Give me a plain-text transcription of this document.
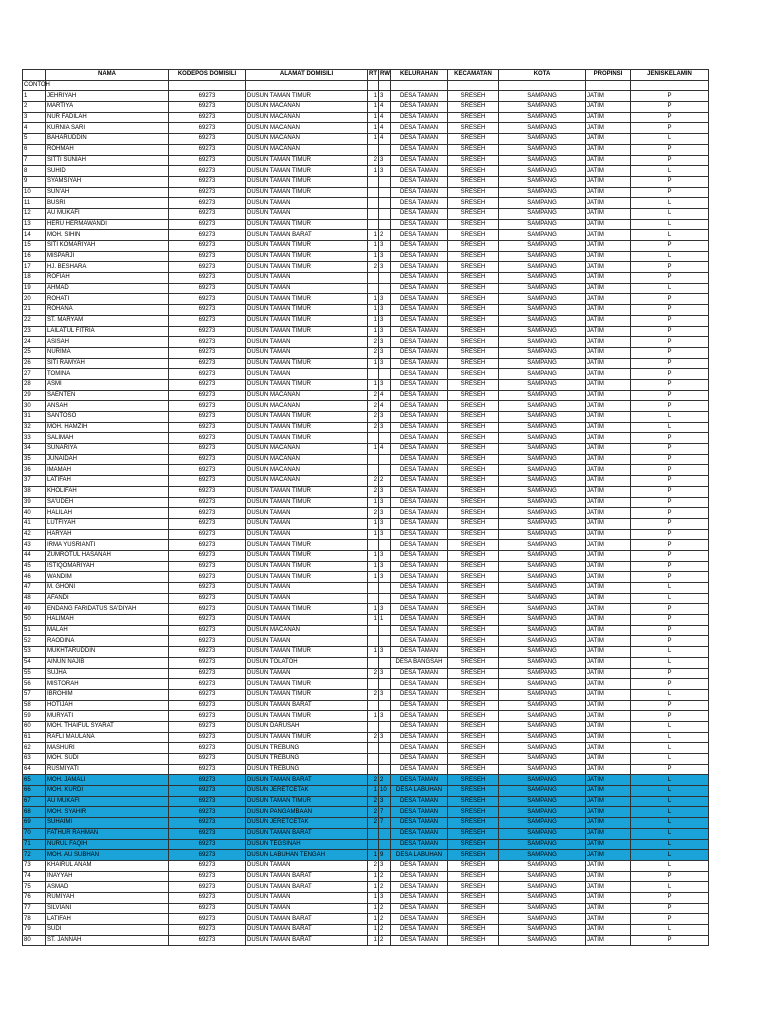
	NAMA	KODEPOS DOMISILI	ALAMAT DOMISILI	RT	RW	KELURAHAN	KECAMATAN	KOTA	PROPINSI	JENISKELAMIN
CONTOH										
1	JEHRIYAH	69273	DUSUN TAMAN TIMUR	1	3	DESA TAMAN	SRESEH	SAMPANG	JATIM	P
2	MARTIYA	69273	DUSUN MACANAN	1	4	DESA TAMAN	SRESEH	SAMPANG	JATIM	P
3	NUR FADILAH	69273	DUSUN MACANAN	1	4	DESA TAMAN	SRESEH	SAMPANG	JATIM	P
4	KURNIA SARI	69273	DUSUN MACANAN	1	4	DESA TAMAN	SRESEH	SAMPANG	JATIM	P
5	BAHARUDDIN	69273	DUSUN MACANAN	1	4	DESA TAMAN	SRESEH	SAMPANG	JATIM	L
6	ROHMAH	69273	DUSUN MACANAN			DESA TAMAN	SRESEH	SAMPANG	JATIM	P
7	SITTI SUNIAH	69273	DUSUN TAMAN TIMUR	2	3	DESA TAMAN	SRESEH	SAMPANG	JATIM	P
8	SUHID	69273	DUSUN TAMAN TIMUR	1	3	DESA TAMAN	SRESEH	SAMPANG	JATIM	L
9	SYAMSIYAH	69273	DUSUN TAMAN TIMUR			DESA TAMAN	SRESEH	SAMPANG	JATIM	P
10	SUN'AH	69273	DUSUN TAMAN TIMUR			DESA TAMAN	SRESEH	SAMPANG	JATIM	P
11	BUSRI	69273	DUSUN TAMAN			DESA TAMAN	SRESEH	SAMPANG	JATIM	L
12	AU MUKAFI	69273	DUSUN TAMAN			DESA TAMAN	SRESEH	SAMPANG	JATIM	L
13	HERU HERMAWANDI	69273	DUSUN TAMAN TIMUR			DESA TAMAN	SRESEH	SAMPANG	JATIM	L
14	MOH. SIHIN	69273	DUSUN TAMAN BARAT	1	2	DESA TAMAN	SRESEH	SAMPANG	JATIM	L
15	SITI KOMARIYAH	69273	DUSUN TAMAN TIMUR	1	3	DESA TAMAN	SRESEH	SAMPANG	JATIM	P
16	MISPARJI	69273	DUSUN TAMAN TIMUR	1	3	DESA TAMAN	SRESEH	SAMPANG	JATIM	L
17	HJ. BESHARA	69273	DUSUN TAMAN TIMUR	2	3	DESA TAMAN	SRESEH	SAMPANG	JATIM	P
18	ROFIAH	69273	DUSUN TAMAN			DESA TAMAN	SRESEH	SAMPANG	JATIM	P
19	AHMAD	69273	DUSUN TAMAN			DESA TAMAN	SRESEH	SAMPANG	JATIM	L
20	ROHATI	69273	DUSUN TAMAN TIMUR	1	3	DESA TAMAN	SRESEH	SAMPANG	JATIM	P
21	ROHANA	69273	DUSUN TAMAN TIMUR	1	3	DESA TAMAN	SRESEH	SAMPANG	JATIM	P
22	ST. MARYAM	69273	DUSUN TAMAN TIMUR	1	3	DESA TAMAN	SRESEH	SAMPANG	JATIM	P
23	LAILATUL FITRIA	69273	DUSUN TAMAN TIMUR	1	3	DESA TAMAN	SRESEH	SAMPANG	JATIM	P
24	ASISAH	69273	DUSUN TAMAN	2	3	DESA TAMAN	SRESEH	SAMPANG	JATIM	P
25	NURIMA	69273	DUSUN TAMAN	2	3	DESA TAMAN	SRESEH	SAMPANG	JATIM	P
26	SITI RAMYAH	69273	DUSUN TAMAN TIMUR	1	3	DESA TAMAN	SRESEH	SAMPANG	JATIM	P
27	TOMINA	69273	DUSUN TAMAN			DESA TAMAN	SRESEH	SAMPANG	JATIM	P
28	ASMI	69273	DUSUN TAMAN TIMUR	1	3	DESA TAMAN	SRESEH	SAMPANG	JATIM	P
29	SAENTEN	69273	DUSUN MACANAN	2	4	DESA TAMAN	SRESEH	SAMPANG	JATIM	P
30	ANSAH	69273	DUSUN MACANAN	2	4	DESA TAMAN	SRESEH	SAMPANG	JATIM	P
31	SANTOSO	69273	DUSUN TAMAN TIMUR	2	3	DESA TAMAN	SRESEH	SAMPANG	JATIM	L
32	MOH. HAMZIH	69273	DUSUN TAMAN TIMUR	2	3	DESA TAMAN	SRESEH	SAMPANG	JATIM	L
33	SALIMAH	69273	DUSUN TAMAN TIMUR			DESA TAMAN	SRESEH	SAMPANG	JATIM	P
34	SUNARIYA	69273	DUSUN MACANAN	1	4	DESA TAMAN	SRESEH	SAMPANG	JATIM	P
35	JUNAIDAH	69273	DUSUN MACANAN			DESA TAMAN	SRESEH	SAMPANG	JATIM	P
36	IMAMAH	69273	DUSUN MACANAN			DESA TAMAN	SRESEH	SAMPANG	JATIM	P
37	LATIFAH	69273	DUSUN MACANAN	2	2	DESA TAMAN	SRESEH	SAMPANG	JATIM	P
38	KHOLIFAH	69273	DUSUN TAMAN TIMUR	2	3	DESA TAMAN	SRESEH	SAMPANG	JATIM	P
39	SA'UDEH	69273	DUSUN TAMAN TIMUR	1	3	DESA TAMAN	SRESEH	SAMPANG	JATIM	P
40	HALILAH	69273	DUSUN TAMAN	2	3	DESA TAMAN	SRESEH	SAMPANG	JATIM	P
41	LUTFIYAH	69273	DUSUN TAMAN	1	3	DESA TAMAN	SRESEH	SAMPANG	JATIM	P
42	HARYAH	69273	DUSUN TAMAN	1	3	DESA TAMAN	SRESEH	SAMPANG	JATIM	P
43	IRMA YUSRIANTI	69273	DUSUN TAMAN TIMUR			DESA TAMAN	SRESEH	SAMPANG	JATIM	P
44	ZUMROTUL HASANAH	69273	DUSUN TAMAN TIMUR	1	3	DESA TAMAN	SRESEH	SAMPANG	JATIM	P
45	ISTIQOMARIYAH	69273	DUSUN TAMAN TIMUR	1	3	DESA TAMAN	SRESEH	SAMPANG	JATIM	P
46	WANDIM	69273	DUSUN TAMAN TIMUR	1	3	DESA TAMAN	SRESEH	SAMPANG	JATIM	P
47	M. GHONI	69273	DUSUN TAMAN			DESA TAMAN	SRESEH	SAMPANG	JATIM	L
48	AFANDI	69273	DUSUN TAMAN			DESA TAMAN	SRESEH	SAMPANG	JATIM	L
49	ENDANG FARIDATUS SA'DIYAH	69273	DUSUN TAMAN TIMUR	1	3	DESA TAMAN	SRESEH	SAMPANG	JATIM	P
50	HALIMAH	69273	DUSUN TAMAN	1	1	DESA TAMAN	SRESEH	SAMPANG	JATIM	P
51	MALAH	69273	DUSUN MACANAN			DESA TAMAN	SRESEH	SAMPANG	JATIM	P
52	RAODINA	69273	DUSUN TAMAN			DESA TAMAN	SRESEH	SAMPANG	JATIM	P
53	MUKHTARUDDIN	69273	DUSUN TAMAN TIMUR	1	3	DESA TAMAN	SRESEH	SAMPANG	JATIM	L
54	AINUN NAJIB	69273	DUSUN TOLATOH			DESA BANGSAH	SRESEH	SAMPANG	JATIM	L
55	SUJHA	69273	DUSUN TAMAN	2	3	DESA TAMAN	SRESEH	SAMPANG	JATIM	P
56	MISTORAH	69273	DUSUN TAMAN TIMUR			DESA TAMAN	SRESEH	SAMPANG	JATIM	P
57	IBROHIM	69273	DUSUN TAMAN TIMUR	2	3	DESA TAMAN	SRESEH	SAMPANG	JATIM	L
58	HOTIJAH	69273	DUSUN TAMAN BARAT			DESA TAMAN	SRESEH	SAMPANG	JATIM	P
59	MURYATI	69273	DUSUN TAMAN TIMUR	1	3	DESA TAMAN	SRESEH	SAMPANG	JATIM	P
60	MOH. THAIFUL SYARAT	69273	DUSUN DARUSAH			DESA TAMAN	SRESEH	SAMPANG	JATIM	L
61	RAFLI MAULANA	69273	DUSUN TAMAN TIMUR	2	3	DESA TAMAN	SRESEH	SAMPANG	JATIM	L
62	MASHURI	69273	DUSUN TREBUNG			DESA TAMAN	SRESEH	SAMPANG	JATIM	L
63	MOH. SUDI	69273	DUSUN TREBUNG			DESA TAMAN	SRESEH	SAMPANG	JATIM	L
64	RUSMIYATI	69273	DUSUN TREBUNG			DESA TAMAN	SRESEH	SAMPANG	JATIM	P
65	MOH. JAMALI	69273	DUSUN TAMAN BARAT	2	2	DESA TAMAN	SRESEH	SAMPANG	JATIM	L
66	MOH. KURDI	69273	DUSUN JERETCETAK	1	10	DESA LABUHAN	SRESEH	SAMPANG	JATIM	L
67	AU MUKAFI	69273	DUSUN TAMAN TIMUR	2	3	DESA TAMAN	SRESEH	SAMPANG	JATIM	L
68	MOH. SYAHIR	69273	DUSUN PANGAMBAAN	2	7	DESA TAMAN	SRESEH	SAMPANG	JATIM	L
69	SUHAIMI	69273	DUSUN JERETCETAK	2	7	DESA TAMAN	SRESEH	SAMPANG	JATIM	L
70	FATHUR RAHMAN	69273	DUSUN TAMAN BARAT			DESA TAMAN	SRESEH	SAMPANG	JATIM	L
71	NURUL FAQIH	69273	DUSUN TEGSINAH			DESA TAMAN	SRESEH	SAMPANG	JATIM	L
72	MOH. AU SUBHAN	69273	DUSUN LABUHAN TENGAH	1	9	DESA LABUHAN	SRESEH	SAMPANG	JATIM	L
73	KHAIRUL ANAM	69273	DUSUN TAMAN	2	3	DESA TAMAN	SRESEH	SAMPANG	JATIM	L
74	INAYYAH	69273	DUSUN TAMAN BARAT	1	2	DESA TAMAN	SRESEH	SAMPANG	JATIM	P
75	ASMAD	69273	DUSUN TAMAN BARAT	1	2	DESA TAMAN	SRESEH	SAMPANG	JATIM	L
76	RUMIYAH	69273	DUSUN TAMAN	1	3	DESA TAMAN	SRESEH	SAMPANG	JATIM	P
77	SILVIANI	69273	DUSUN TAMAN	1	2	DESA TAMAN	SRESEH	SAMPANG	JATIM	P
78	LATIFAH	69273	DUSUN TAMAN BARAT	1	2	DESA TAMAN	SRESEH	SAMPANG	JATIM	P
79	SUDI	69273	DUSUN TAMAN BARAT	1	2	DESA TAMAN	SRESEH	SAMPANG	JATIM	L
80	ST. JANNAH	69273	DUSUN TAMAN BARAT	1	2	DESA TAMAN	SRESEH	SAMPANG	JATIM	P
